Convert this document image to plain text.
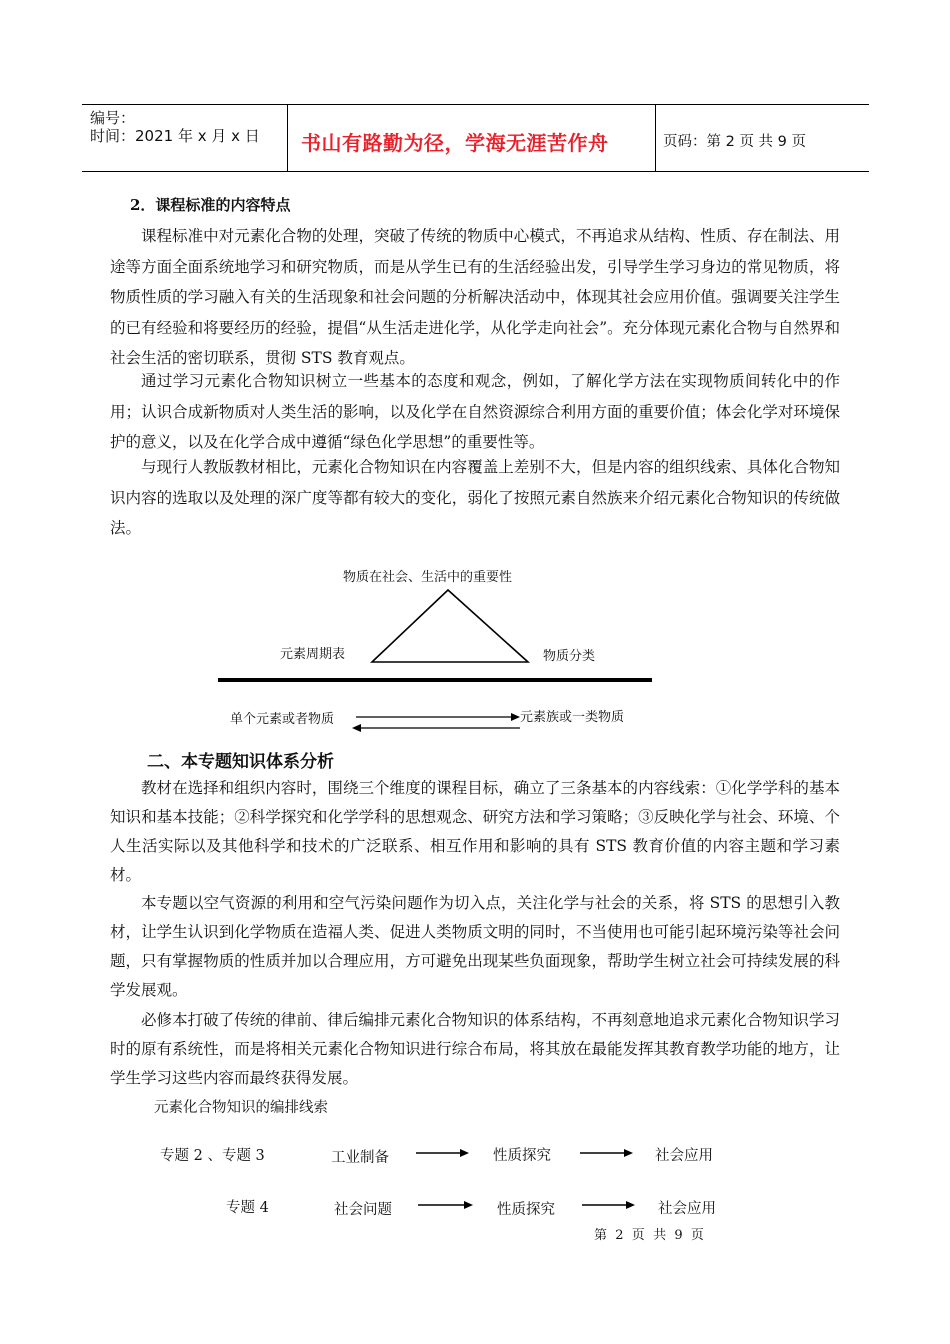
编号：
时间：2021 年 x 月 x 日 书山有路勤为径，学海无涯苦作舟	页码：第 2 页 共 9 页
2．课程标准的内容特点

课程标准中对元素化合物的处理，突破了传统的物质中心模式，不再追求从结构、性质、存在制法、用途等方面全面系统地学习和研究物质，而是从学生已有的生活经验出发，引导学生学习身边的常见物质，将物质性质的学习融入有关的生活现象和社会问题的分析解决活动中，体现其社会应用价值。强调要关注学生的已有经验和将要经历的经验，提倡“从生活走进化学，从化学走向社会”。充分体现元素化合物与自然界和社会生活的密切联系，贯彻 STS 教育观点。

通过学习元素化合物知识树立一些基本的态度和观念，例如，了解化学方法在实现物质间转化中的作用；认识合成新物质对人类生活的影响，以及化学在自然资源综合利用方面的重要价值；体会化学对环境保护的意义，以及在化学合成中遵循“绿色化学思想”的重要性等。

与现行人教版教材相比，元素化合物知识在内容覆盖上差别不大，但是内容的组织线索、具体化合物知识内容的选取以及处理的深广度等都有较大的变化，弱化了按照元素自然族来介绍元素化合物知识的传统做法。

物质在社会、生活中的重要性
元素周期表	物质分类
单个元素或者物质	元素族或一类物质
二、本专题知识体系分析

教材在选择和组织内容时，围绕三个维度的课程目标，确立了三条基本的内容线索：①化学学科的基本知识和基本技能；②科学探究和化学学科的思想观念、研究方法和学习策略；③反映化学与社会、环境、个人生活实际以及其他科学和技术的广泛联系、相互作用和影响的具有 STS 教育价值的内容主题和学习素材。

本专题以空气资源的利用和空气污染问题作为切入点，关注化学与社会的关系，将 STS 的思想引入教材，让学生认识到化学物质在造福人类、促进人类物质文明的同时，不当使用也可能引起环境污染等社会问题，只有掌握物质的性质并加以合理应用，方可避免出现某些负面现象，帮助学生树立社会可持续发展的科学发展观。

必修本打破了传统的律前、律后编排元素化合物知识的体系结构，不再刻意地追求元素化合物知识学习时的原有系统性，而是将相关元素化合物知识进行综合布局，将其放在最能发挥其教育教学功能的地方，让学生学习这些内容而最终获得发展。

元素化合物知识的编排线索
专题 2 、专题 3	工业制备	性质探究	社会应用
专题 4	社会问题	性质探究	社会应用
第  2  页  共  9  页
